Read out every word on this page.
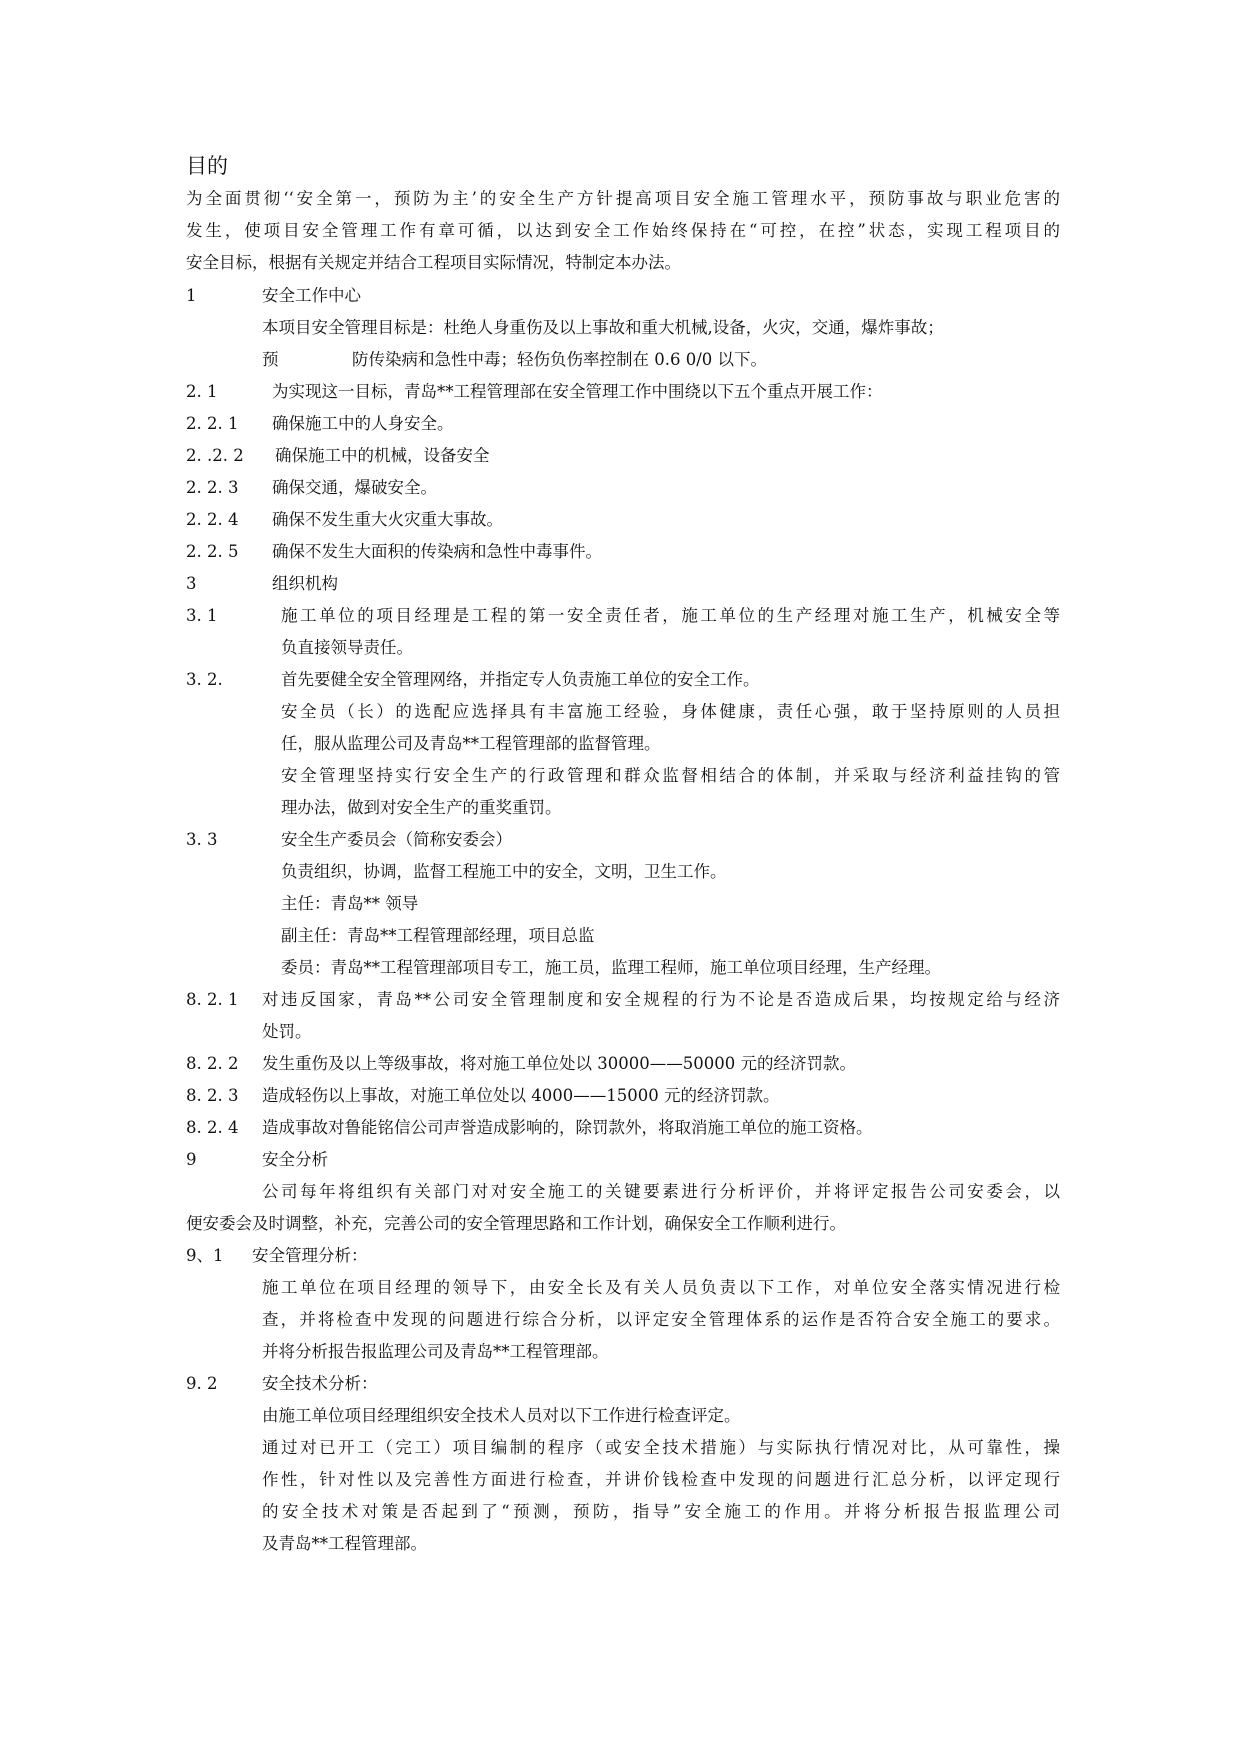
目的
为全面贯彻‘‘安全第一，预防为主’的安全生产方针提高项目安全施工管理水平，预防事故与职业危害的
发生，使项目安全管理工作有章可循，以达到安全工作始终保持在“可控，在控”状态，实现工程项目的
安全目标，根据有关规定并结合工程项目实际情况，特制定本办法。
1	安全工作中心
本项目安全管理目标是：杜绝人身重伤及以上事故和重大机械,设备，火灾，交通，爆炸事故；
预	防传染病和急性中毒；轻伤负伤率控制在 0.6 0/0 以下。
2. 1	为实现这一目标，青岛**工程管理部在安全管理工作中围绕以下五个重点开展工作：
2. 2. 1 确保施工中的人身安全。
2. .2. 2 确保施工中的机械，设备安全
2. 2. 3 确保交通，爆破安全。
2. 2. 4 确保不发生重大火灾重大事故。
2. 2. 5 确保不发生大面积的传染病和急性中毒事件。
3	组织机构
3. 1	施工单位的项目经理是工程的第一安全责任者，施工单位的生产经理对施工生产，机械安全等
负直接领导责任。
3. 2.	首先要健全安全管理网络，并指定专人负责施工单位的安全工作。
安全员（长）的选配应选择具有丰富施工经验，身体健康，责任心强，敢于坚持原则的人员担
任，服从监理公司及青岛**工程管理部的监督管理。
安全管理坚持实行安全生产的行政管理和群众监督相结合的体制，并采取与经济利益挂钩的管
理办法，做到对安全生产的重奖重罚。
3. 3	安全生产委员会（简称安委会）
负责组织，协调，监督工程施工中的安全，文明，卫生工作。
主任：青岛** 领导
副主任：青岛**工程管理部经理，项目总监
委员：青岛**工程管理部项目专工，施工员，监理工程师，施工单位项目经理，生产经理。
8. 2. 1 对违反国家，青岛**公司安全管理制度和安全规程的行为不论是否造成后果，均按规定给与经济
处罚。
8. 2. 2 发生重伤及以上等级事故，将对施工单位处以 30000——50000 元的经济罚款。
8. 2. 3 造成轻伤以上事故，对施工单位处以 4000——15000 元的经济罚款。
8. 2. 4 造成事故对鲁能铭信公司声誉造成影响的，除罚款外，将取消施工单位的施工资格。
9	安全分析
公司每年将组织有关部门对对安全施工的关键要素进行分析评价，并将评定报告公司安委会，以
便安委会及时调整，补充，完善公司的安全管理思路和工作计划，确保安全工作顺利进行。
9、1 安全管理分析：
施工单位在项目经理的领导下，由安全长及有关人员负责以下工作，对单位安全落实情况进行检
查，并将检查中发现的问题进行综合分析，以评定安全管理体系的运作是否符合安全施工的要求。
并将分析报告报监理公司及青岛**工程管理部。
9. 2	安全技术分析：
由施工单位项目经理组织安全技术人员对以下工作进行检查评定。
通过对已开工（完工）项目编制的程序（或安全技术措施）与实际执行情况对比，从可靠性，操
作性，针对性以及完善性方面进行检查，并讲价钱检查中发现的问题进行汇总分析，以评定现行
的安全技术对策是否起到了“预测，预防，指导”安全施工的作用。并将分析报告报监理公司
及青岛**工程管理部。
